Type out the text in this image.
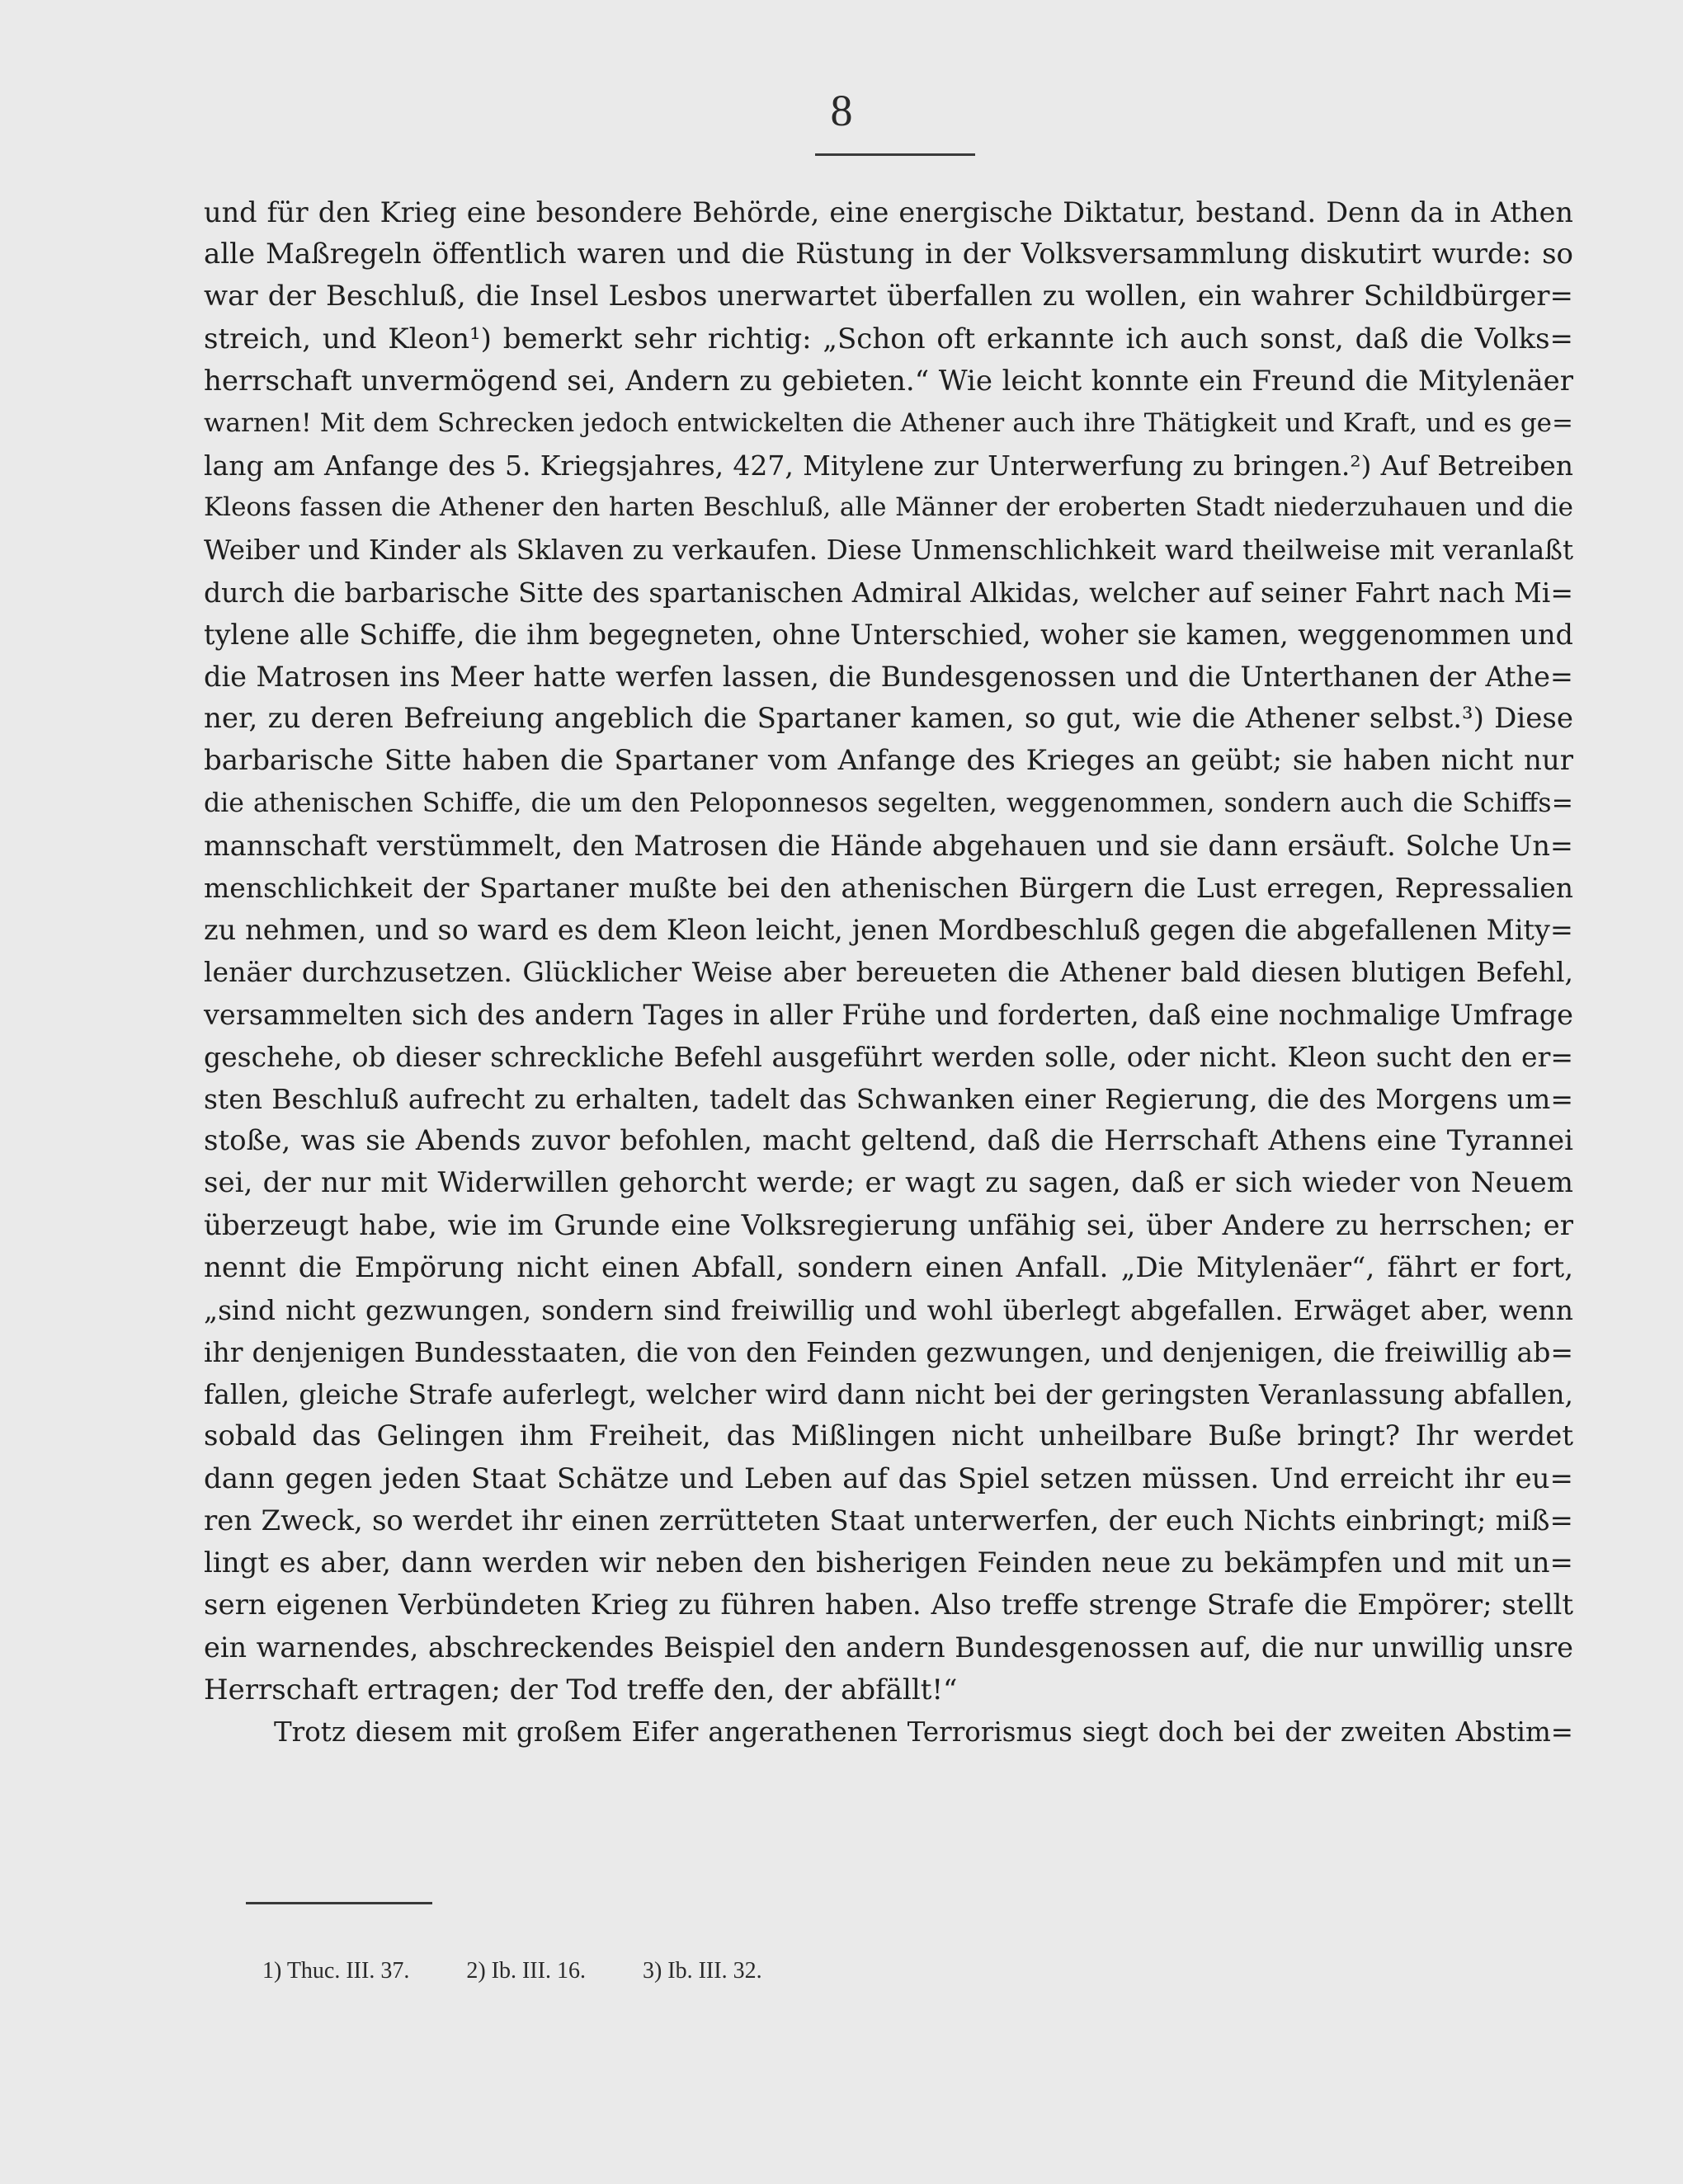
8
und für den Krieg eine besondere Behörde, eine energische Diktatur, bestand. Denn da in Athen
alle Maßregeln öffentlich waren und die Rüstung in der Volksversammlung diskutirt wurde: so
war der Beschluß, die Insel Lesbos unerwartet überfallen zu wollen, ein wahrer Schildbürger=
streich, und Kleon¹) bemerkt sehr richtig: „Schon oft erkannte ich auch sonst, daß die Volks=
herrschaft unvermögend sei, Andern zu gebieten.“ Wie leicht konnte ein Freund die Mitylenäer
warnen! Mit dem Schrecken jedoch entwickelten die Athener auch ihre Thätigkeit und Kraft, und es ge=
lang am Anfange des 5. Kriegsjahres, 427, Mitylene zur Unterwerfung zu bringen.²) Auf Betreiben
Kleons fassen die Athener den harten Beschluß, alle Männer der eroberten Stadt niederzuhauen und die
Weiber und Kinder als Sklaven zu verkaufen. Diese Unmenschlichkeit ward theilweise mit veranlaßt
durch die barbarische Sitte des spartanischen Admiral Alkidas, welcher auf seiner Fahrt nach Mi=
tylene alle Schiffe, die ihm begegneten, ohne Unterschied, woher sie kamen, weggenommen und
die Matrosen ins Meer hatte werfen lassen, die Bundesgenossen und die Unterthanen der Athe=
ner, zu deren Befreiung angeblich die Spartaner kamen, so gut, wie die Athener selbst.³) Diese
barbarische Sitte haben die Spartaner vom Anfange des Krieges an geübt; sie haben nicht nur
die athenischen Schiffe, die um den Peloponnesos segelten, weggenommen, sondern auch die Schiffs=
mannschaft verstümmelt, den Matrosen die Hände abgehauen und sie dann ersäuft. Solche Un=
menschlichkeit der Spartaner mußte bei den athenischen Bürgern die Lust erregen, Repressalien
zu nehmen, und so ward es dem Kleon leicht, jenen Mordbeschluß gegen die abgefallenen Mity=
lenäer durchzusetzen. Glücklicher Weise aber bereueten die Athener bald diesen blutigen Befehl,
versammelten sich des andern Tages in aller Frühe und forderten, daß eine nochmalige Umfrage
geschehe, ob dieser schreckliche Befehl ausgeführt werden solle, oder nicht. Kleon sucht den er=
sten Beschluß aufrecht zu erhalten, tadelt das Schwanken einer Regierung, die des Morgens um=
stoße, was sie Abends zuvor befohlen, macht geltend, daß die Herrschaft Athens eine Tyrannei
sei, der nur mit Widerwillen gehorcht werde; er wagt zu sagen, daß er sich wieder von Neuem
überzeugt habe, wie im Grunde eine Volksregierung unfähig sei, über Andere zu herrschen; er
nennt die Empörung nicht einen Abfall, sondern einen Anfall. „Die Mitylenäer“, fährt er fort,
„sind nicht gezwungen, sondern sind freiwillig und wohl überlegt abgefallen. Erwäget aber, wenn
ihr denjenigen Bundesstaaten, die von den Feinden gezwungen, und denjenigen, die freiwillig ab=
fallen, gleiche Strafe auferlegt, welcher wird dann nicht bei der geringsten Veranlassung abfallen,
sobald das Gelingen ihm Freiheit, das Mißlingen nicht unheilbare Buße bringt? Ihr werdet
dann gegen jeden Staat Schätze und Leben auf das Spiel setzen müssen. Und erreicht ihr eu=
ren Zweck, so werdet ihr einen zerrütteten Staat unterwerfen, der euch Nichts einbringt; miß=
lingt es aber, dann werden wir neben den bisherigen Feinden neue zu bekämpfen und mit un=
sern eigenen Verbündeten Krieg zu führen haben. Also treffe strenge Strafe die Empörer; stellt
ein warnendes, abschreckendes Beispiel den andern Bundesgenossen auf, die nur unwillig unsre
Herrschaft ertragen; der Tod treffe den, der abfällt!“
Trotz diesem mit großem Eifer angerathenen Terrorismus siegt doch bei der zweiten Abstim=
1) Thuc. III. 37. 2) Ib. III. 16. 3) Ib. III. 32.
